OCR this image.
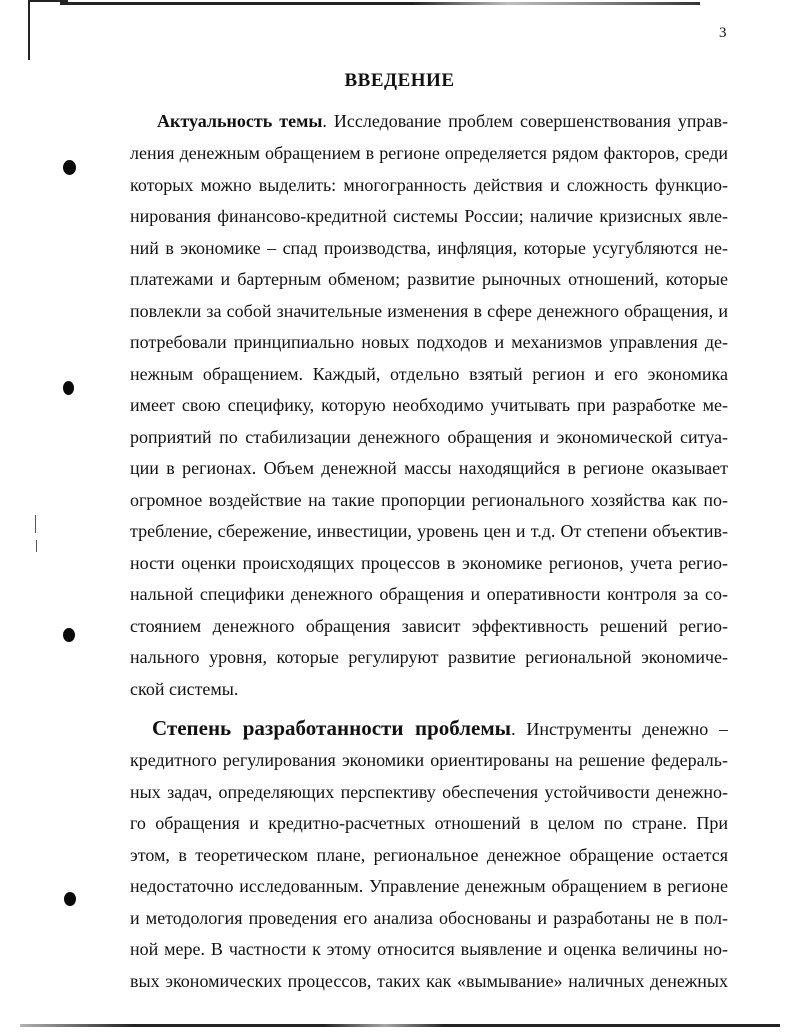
3
ВВЕДЕНИЕ
Актуальность темы. Исследование проблем совершенствования управ-
ления денежным обращением в регионе определяется рядом факторов, среди
которых можно выделить: многогранность действия и сложность функцио-
нирования финансово-кредитной системы России; наличие кризисных явле-
ний в экономике – спад производства, инфляция, которые усугубляются не-
платежами и бартерным обменом; развитие рыночных отношений, которые
повлекли за собой значительные изменения в сфере денежного обращения, и
потребовали принципиально новых подходов и механизмов управления де-
нежным обращением. Каждый, отдельно взятый регион и его экономика
имеет свою специфику, которую необходимо учитывать при разработке ме-
роприятий по стабилизации денежного обращения и экономической ситуа-
ции в регионах. Объем денежной массы находящийся в регионе оказывает
огромное воздействие на такие пропорции регионального хозяйства как по-
требление, сбережение, инвестиции, уровень цен и т.д. От степени объектив-
ности оценки происходящих процессов в экономике регионов, учета регио-
нальной специфики денежного обращения и оперативности контроля за со-
стоянием денежного обращения зависит эффективность решений регио-
нального уровня, которые регулируют развитие региональной экономиче-
ской системы.
Степень разработанности проблемы. Инструменты денежно –
кредитного регулирования экономики ориентированы на решение федераль-
ных задач, определяющих перспективу обеспечения устойчивости денежно-
го обращения и кредитно-расчетных отношений в целом по стране. При
этом, в теоретическом плане, региональное денежное обращение остается
недостаточно исследованным. Управление денежным обращением в регионе
и методология проведения его анализа обоснованы и разработаны не в пол-
ной мере. В частности к этому относится выявление и оценка величины но-
вых экономических процессов, таких как «вымывание» наличных денежных
